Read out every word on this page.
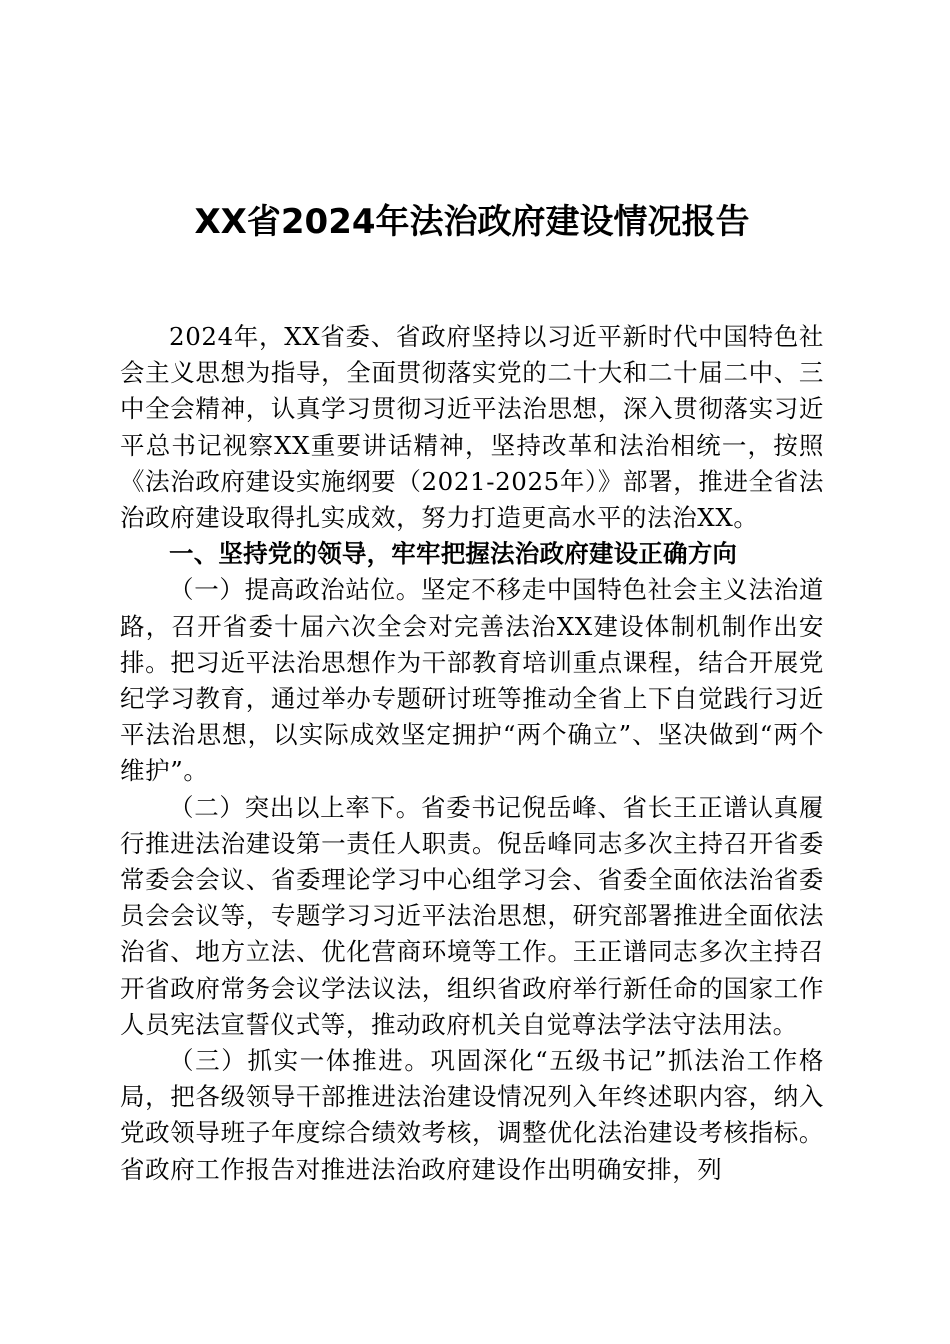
XX省2024年法治政府建设情况报告

2024年，XX省委、省政府坚持以习近平新时代中国特色社会主义思想为指导，全面贯彻落实党的二十大和二十届二中、三中全会精神，认真学习贯彻习近平法治思想，深入贯彻落实习近平总书记视察XX重要讲话精神，坚持改革和法治相统一，按照《法治政府建设实施纲要（2021-2025年）》部署，推进全省法治政府建设取得扎实成效，努力打造更高水平的法治XX。

一、坚持党的领导，牢牢把握法治政府建设正确方向

（一）提高政治站位。坚定不移走中国特色社会主义法治道路，召开省委十届六次全会对完善法治XX建设体制机制作出安排。把习近平法治思想作为干部教育培训重点课程，结合开展党纪学习教育，通过举办专题研讨班等推动全省上下自觉践行习近平法治思想，以实际成效坚定拥护“两个确立”、坚决做到“两个维护”。

（二）突出以上率下。省委书记倪岳峰、省长王正谱认真履行推进法治建设第一责任人职责。倪岳峰同志多次主持召开省委常委会会议、省委理论学习中心组学习会、省委全面依法治省委员会会议等，专题学习习近平法治思想，研究部署推进全面依法治省、地方立法、优化营商环境等工作。王正谱同志多次主持召开省政府常务会议学法议法，组织省政府举行新任命的国家工作人员宪法宣誓仪式等，推动政府机关自觉尊法学法守法用法。

（三）抓实一体推进。巩固深化“五级书记”抓法治工作格局，把各级领导干部推进法治建设情况列入年终述职内容，纳入党政领导班子年度综合绩效考核，调整优化法治建设考核指标。省政府工作报告对推进法治政府建设作出明确安排，列
